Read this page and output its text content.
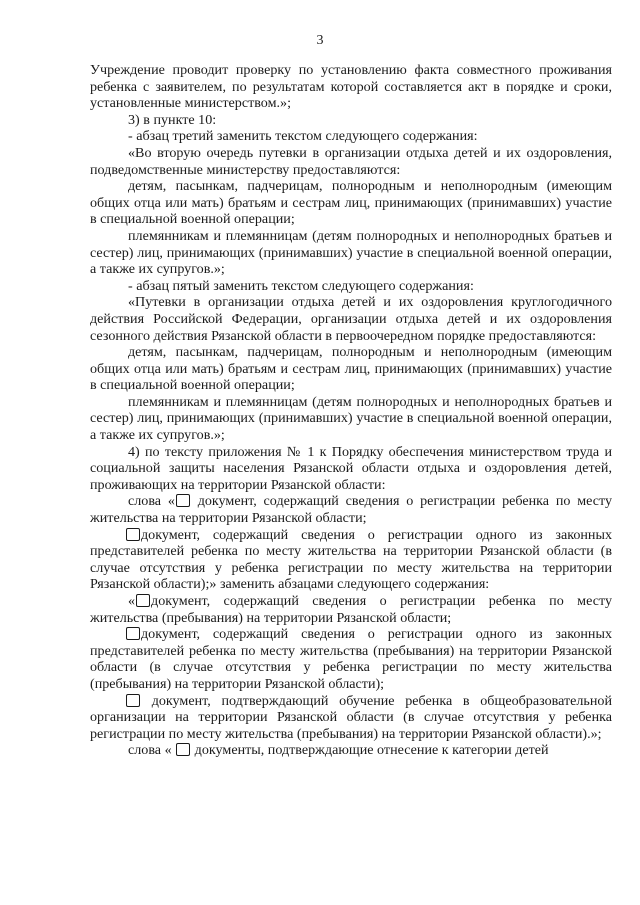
3

Учреждение проводит проверку по установлению факта совместного проживания ребенка с заявителем, по результатам которой составляется акт в порядке и сроки, установленные министерством.»;

3) в пункте 10:

- абзац третий заменить текстом следующего содержания:

«Во вторую очередь путевки в организации отдыха детей и их оздоровления, подведомственные министерству предоставляются:

детям, пасынкам, падчерицам, полнородным и неполнородным (имеющим общих отца или мать) братьям и сестрам лиц, принимающих (принимавших) участие в специальной военной операции;

племянникам и племянницам (детям полнородных и неполнородных братьев и сестер) лиц, принимающих (принимавших) участие в специальной военной операции, а также их супругов.»;

- абзац пятый заменить текстом следующего содержания:

«Путевки в организации отдыха детей и их оздоровления круглогодичного действия Российской Федерации, организации отдыха детей и их оздоровления сезонного действия Рязанской области в первоочередном порядке предоставляются:

детям, пасынкам, падчерицам, полнородным и неполнородным (имеющим общих отца или мать) братьям и сестрам лиц, принимающих (принимавших) участие в специальной военной операции;

племянникам и племянницам (детям полнородных и неполнородных братьев и сестер) лиц, принимающих (принимавших) участие в специальной военной операции, а также их супругов.»;

4) по тексту приложения № 1 к Порядку обеспечения министерством труда и социальной защиты населения Рязанской области отдыха и оздоровления детей, проживающих на территории Рязанской области:

слова « документ, содержащий сведения о регистрации ребенка по месту жительства на территории Рязанской области;

документ, содержащий сведения о регистрации одного из законных представителей ребенка по месту жительства на территории Рязанской области (в случае отсутствия у ребенка регистрации по месту жительства на территории Рязанской области);» заменить абзацами следующего содержания:

« документ, содержащий сведения о регистрации ребенка по месту жительства (пребывания) на территории Рязанской области;

документ, содержащий сведения о регистрации одного из законных представителей ребенка по месту жительства (пребывания) на территории Рязанской области (в случае отсутствия у ребенка регистрации по месту жительства (пребывания) на территории Рязанской области);

документ, подтверждающий обучение ребенка в общеобразовательной организации на территории Рязанской области (в случае отсутствия у ребенка регистрации по месту жительства (пребывания) на территории Рязанской области).»;

слова «  документы, подтверждающие отнесение к категории детей
